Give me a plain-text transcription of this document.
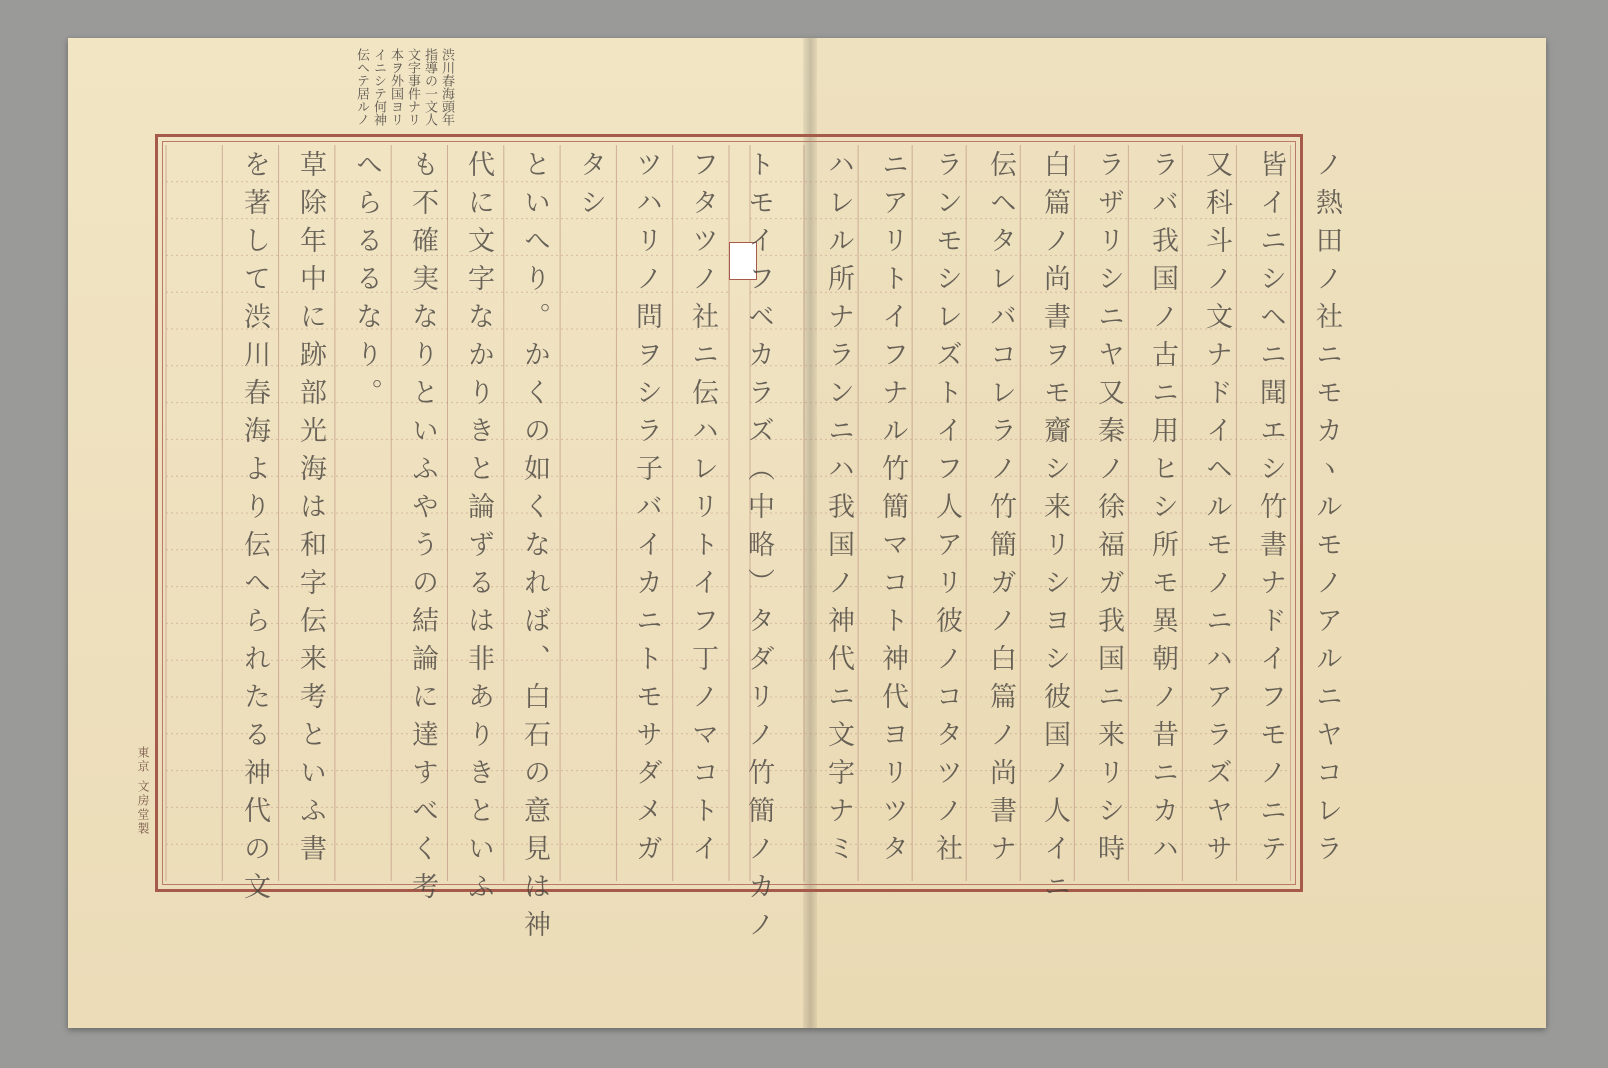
東京 文房堂製	ノ熱田ノ社ニモカヽルモノアルニヤコレラ
皆イニシヘニ聞エシ竹書ナドイフモノニテ
又科斗ノ文ナドイヘルモノニハアラズヤサ
ラバ我国ノ古ニ用ヒシ所モ異朝ノ昔ニカハ
ラザリシニヤ又秦ノ徐福ガ我国ニ来リシ時
白篇ノ尚書ヲモ齎シ来リシヨシ彼国ノ人イニ
伝ヘタレバコレラノ竹簡ガノ白篇ノ尚書ナ
ランモシレズトイフ人アリ彼ノコタツノ社
ニアリトイフナル竹簡マコト神代ヨリツタ
ハレル所ナランニハ我国ノ神代ニ文字ナミ
トモイフベカラズ（中略）タダリノ竹簡ノカノ
フタツノ社ニ伝ハレリトイフ丁ノマコトイ
ツハリノ問ヲシラ子バイカニトモサダメガ
タシ
といへり。かくの如くなれば、白石の意見は神
代に文字なかりきと論ずるは非ありきといふ
も不確実なりといふやうの結論に達すべく考
へらるるなり。
草除年中に跡部光海は和字伝来考といふ書
を著して渋川春海より伝へられたる神代の文
渋川春海頭年
指導の一文人
文字事件ナリ
本ヲ外国ヨリ
イニシテ何神
伝ヘテ居ルノ
